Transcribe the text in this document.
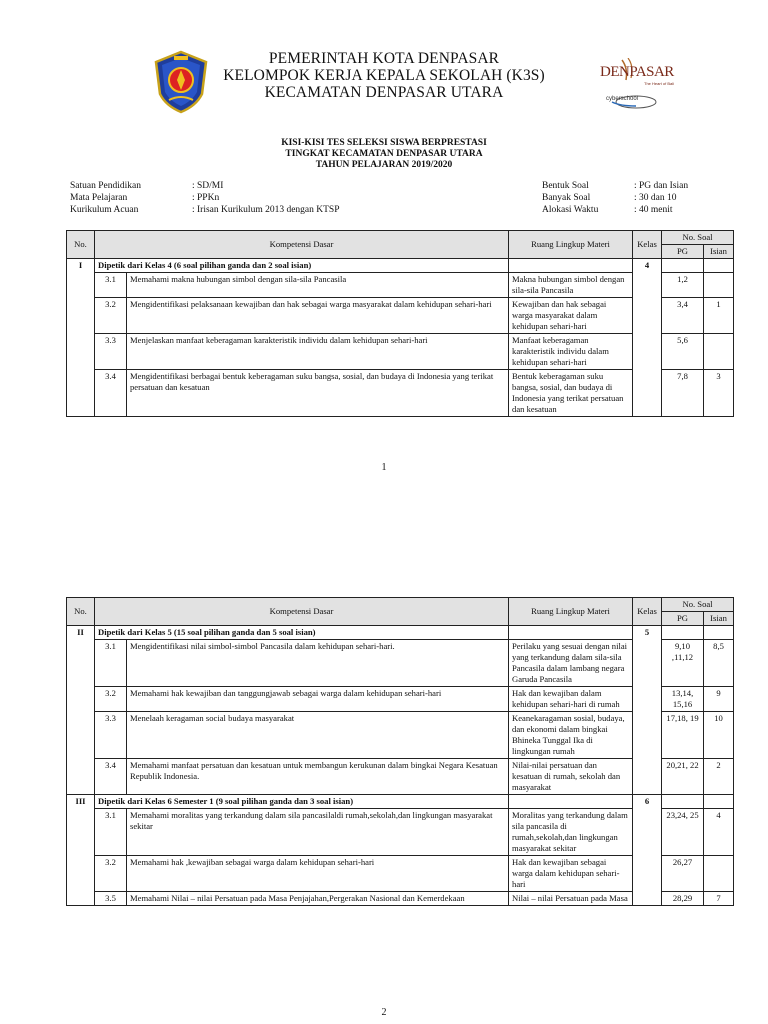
DENPASAR
The Heart of Bali
cyberschool
PEMERINTAH KOTA DENPASAR
KELOMPOK KERJA KEPALA SEKOLAH (K3S)
KECAMATAN DENPASAR UTARA
KISI-KISI TES SELEKSI SISWA BERPRESTASI
TINGKAT KECAMATAN DENPASAR UTARA
TAHUN PELAJARAN 2019/2020
Satuan Pendidikan	: SD/MI
Mata Pelajaran	: PPKn
Kurikulum Acuan	: Irisan Kurikulum 2013 dengan KTSP
Bentuk Soal	: PG dan Isian
Banyak Soal	: 30 dan 10
Alokasi Waktu	: 40 menit
No.	Kompetensi Dasar		Ruang Lingkup Materi	Kelas	No. Soal	
					PG	Isian
I	Dipetik dari Kelas 4 (6 soal pilihan ganda dan 2 soal isian)			4		
	3.1	Memahami makna hubungan simbol dengan sila-sila Pancasila	Makna hubungan simbol dengan sila-sila Pancasila		1,2	
	3.2	Mengidentifikasi pelaksanaan kewajiban dan hak sebagai warga masyarakat dalam kehidupan sehari-hari	Kewajiban dan hak sebagai warga masyarakat dalam kehidupan sehari-hari		3,4	1
	3.3	Menjelaskan manfaat keberagaman karakteristik individu dalam kehidupan sehari-hari	Manfaat keberagaman karakteristik individu dalam kehidupan sehari-hari		5,6	
	3.4	Mengidentifikasi berbagai bentuk keberagaman suku bangsa, sosial, dan budaya di Indonesia yang terikat persatuan dan kesatuan	Bentuk keberagaman suku bangsa, sosial, dan budaya di Indonesia yang terikat persatuan dan kesatuan		7,8	3
1
No.	Kompetensi Dasar		Ruang Lingkup Materi	Kelas	No. Soal	
					PG	Isian
II	Dipetik dari Kelas 5 (15 soal pilihan ganda dan 5 soal isian)			5		
	3.1	Mengidentifikasi nilai simbol-simbol Pancasila dalam kehidupan sehari-hari.	Perilaku yang sesuai dengan nilai yang terkandung dalam sila-sila Pancasila dalam lambang negara Garuda Pancasila		9,10 ,11,12	8,5
	3.2	Memahami hak kewajiban dan tanggungjawab sebagai warga dalam kehidupan sehari-hari	Hak dan kewajiban dalam kehidupan sehari-hari di rumah		13,14, 15,16	9
	3.3	Menelaah keragaman social budaya masyarakat	Keanekaragaman sosial, budaya, dan ekonomi dalam bingkai Bhineka Tunggal Ika di lingkungan rumah		17,18, 19	10
	3.4	Memahami manfaat persatuan dan kesatuan untuk membangun kerukunan dalam bingkai Negara Kesatuan Republik Indonesia.	Nilai-nilai persatuan dan kesatuan di rumah, sekolah dan masyarakat		20,21, 22	2
III	Dipetik dari Kelas 6 Semester 1 (9 soal pilihan ganda dan 3 soal isian)			6		
	3.1	Memahami moralitas yang terkandung dalam sila pancasilaldi rumah,sekolah,dan lingkungan masyarakat sekitar	Moralitas yang terkandung dalam sila pancasila di rumah,sekolah,dan lingkungan masyarakat sekitar		23,24, 25	4
	3.2	Memahami hak ,kewajiban sebagai warga dalam kehidupan sehari-hari	Hak dan kewajiban sebagai warga dalam kehidupan sehari-hari		26,27	
	3.5	Memahami Nilai – nilai Persatuan pada Masa Penjajahan,Pergerakan Nasional dan Kemerdekaan	Nilai – nilai Persatuan pada Masa		28,29	7
2
